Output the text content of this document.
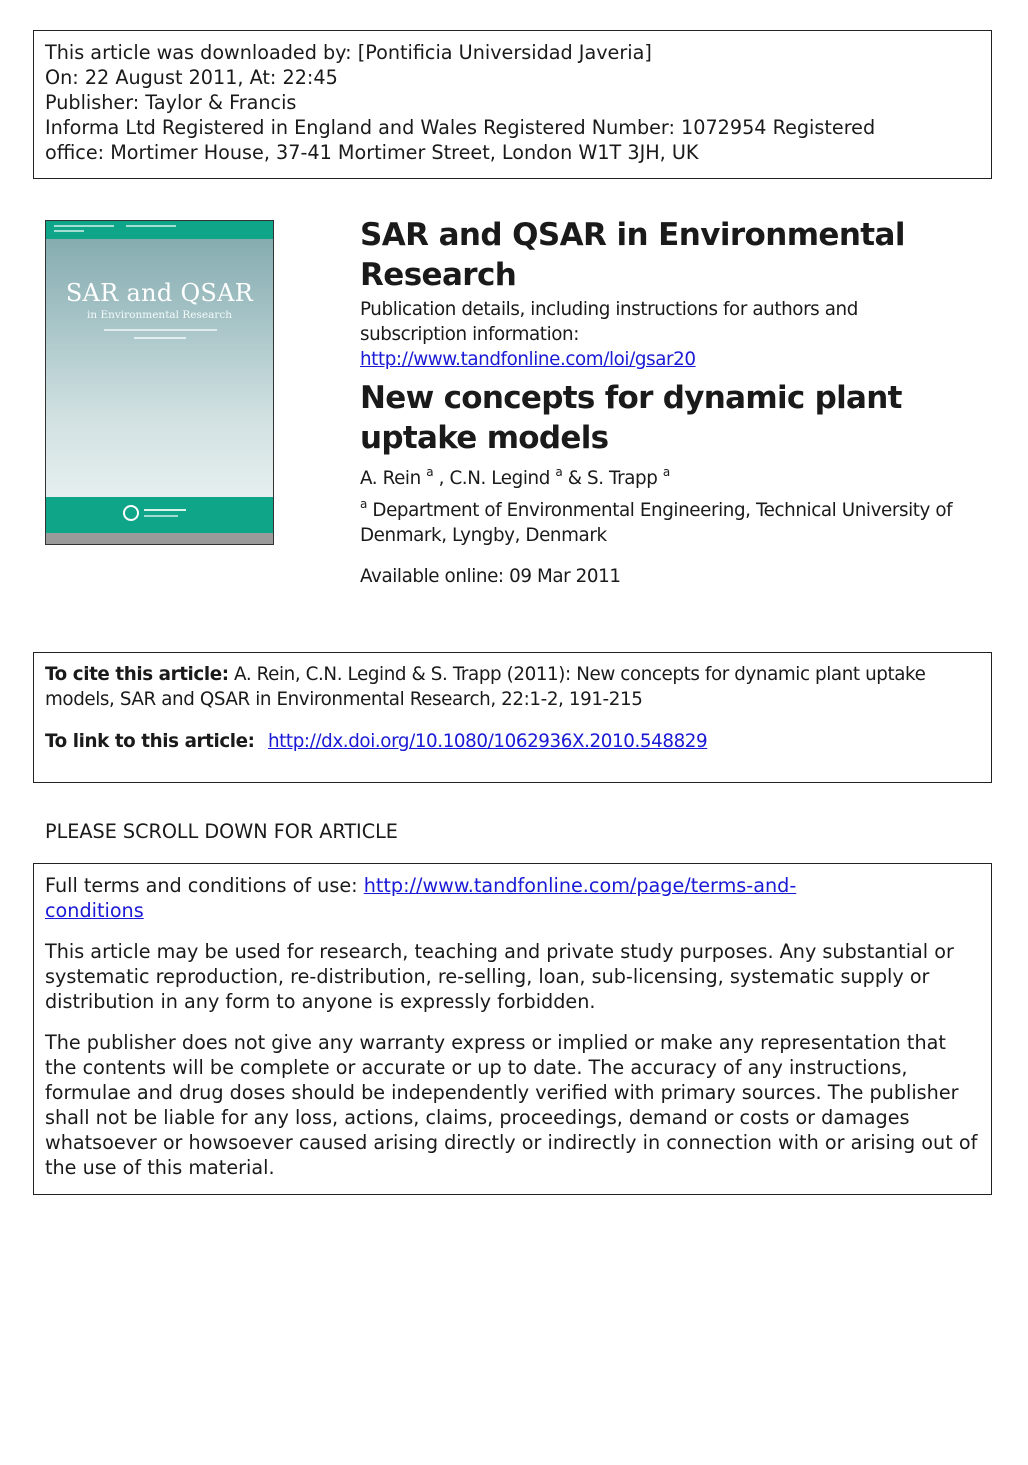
This article was downloaded by: [Pontificia Universidad Javeria]
On: 22 August 2011, At: 22:45
Publisher: Taylor & Francis
Informa Ltd Registered in England and Wales Registered Number: 1072954 Registered
office: Mortimer House, 37-41 Mortimer Street, London W1T 3JH, UK
SAR and QSAR
in Environmental Research
SAR and QSAR in Environmental Research
Publication details, including instructions for authors and subscription information:
http://www.tandfonline.com/loi/gsar20
New concepts for dynamic plant uptake models
A. Rein $^a$ , C.N. Legind $^a$ & S. Trapp $^a$
$^a$ Department of Environmental Engineering, Technical University of Denmark, Lyngby, Denmark
Available online: 09 Mar 2011
To cite this article: A. Rein, C.N. Legind & S. Trapp (2011): New concepts for dynamic plant uptake models, SAR and QSAR in Environmental Research, 22:1-2, 191-215
To link to this article: http://dx.doi.org/10.1080/1062936X.2010.548829
PLEASE SCROLL DOWN FOR ARTICLE

Full terms and conditions of use: http://www.tandfonline.com/page/terms-and-
conditions

This article may be used for research, teaching and private study purposes. Any substantial or systematic reproduction, re-distribution, re-selling, loan, sub-licensing, systematic supply or distribution in any form to anyone is expressly forbidden.

The publisher does not give any warranty express or implied or make any representation that the contents will be complete or accurate or up to date. The accuracy of any instructions, formulae and drug doses should be independently verified with primary sources. The publisher shall not be liable for any loss, actions, claims, proceedings, demand or costs or damages whatsoever or howsoever caused arising directly or indirectly in connection with or arising out of the use of this material.
